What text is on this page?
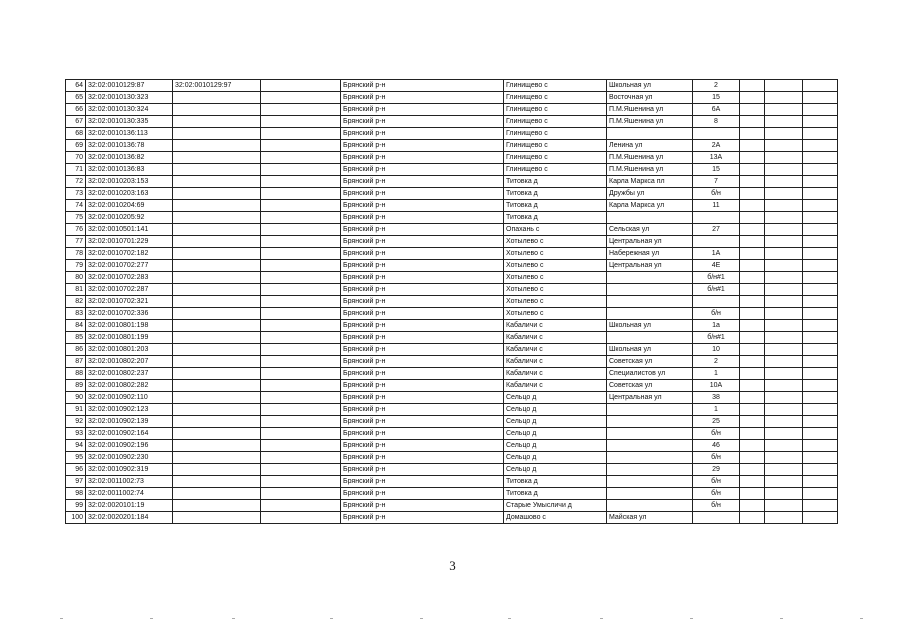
64	32:02:0010129:87	32:02:0010129:97		Брянский р-н	Глинищево с	Школьная ул	2			
65	32:02:0010130:323			Брянский р-н	Глинищево с	Восточная ул	15			
66	32:02:0010130:324			Брянский р-н	Глинищево с	П.М.Яшенина ул	6А			
67	32:02:0010130:335			Брянский р-н	Глинищево с	П.М.Яшенина ул	8			
68	32:02:0010136:113			Брянский р-н	Глинищево с					
69	32:02:0010136:78			Брянский р-н	Глинищево с	Ленина ул	2А			
70	32:02:0010136:82			Брянский р-н	Глинищево с	П.М.Яшенина ул	13А			
71	32:02:0010136:83			Брянский р-н	Глинищево с	П.М.Яшенина ул	15			
72	32:02:0010203:153			Брянский р-н	Титовка д	Карла Маркса пл	7			
73	32:02:0010203:163			Брянский р-н	Титовка д	Дружбы ул	б/н			
74	32:02:0010204:69			Брянский р-н	Титовка д	Карла Маркса ул	11			
75	32:02:0010205:92			Брянский р-н	Титовка д					
76	32:02:0010501:141			Брянский р-н	Опахань с	Сельская ул	27			
77	32:02:0010701:229			Брянский р-н	Хотылево с	Центральная ул				
78	32:02:0010702:182			Брянский р-н	Хотылево с	Набережная ул	1А			
79	32:02:0010702:277			Брянский р-н	Хотылево с	Центральная ул	4Е			
80	32:02:0010702:283			Брянский р-н	Хотылево с		б/н#1			
81	32:02:0010702:287			Брянский р-н	Хотылево с		б/н#1			
82	32:02:0010702:321			Брянский р-н	Хотылево с					
83	32:02:0010702:336			Брянский р-н	Хотылево с		б/н			
84	32:02:0010801:198			Брянский р-н	Кабаличи с	Школьная ул	1а			
85	32:02:0010801:199			Брянский р-н	Кабаличи с		б/н#1			
86	32:02:0010801:203			Брянский р-н	Кабаличи с	Школьная ул	10			
87	32:02:0010802:207			Брянский р-н	Кабаличи с	Советская ул	2			
88	32:02:0010802:237			Брянский р-н	Кабаличи с	Специалистов ул	1			
89	32:02:0010802:282			Брянский р-н	Кабаличи с	Советская ул	10А			
90	32:02:0010902:110			Брянский р-н	Сельцо д	Центральная ул	38			
91	32:02:0010902:123			Брянский р-н	Сельцо д		1			
92	32:02:0010902:139			Брянский р-н	Сельцо д		25			
93	32:02:0010902:164			Брянский р-н	Сельцо д		б/н			
94	32:02:0010902:196			Брянский р-н	Сельцо д		46			
95	32:02:0010902:230			Брянский р-н	Сельцо д		б/н			
96	32:02:0010902:319			Брянский р-н	Сельцо д		29			
97	32:02:0011002:73			Брянский р-н	Титовка д		б/н			
98	32:02:0011002:74			Брянский р-н	Титовка д		б/н			
99	32:02:0020101:19			Брянский р-н	Старые Умысличи д		б/н			
100	32:02:0020201:184			Брянский р-н	Домашово с	Майская ул				
3
